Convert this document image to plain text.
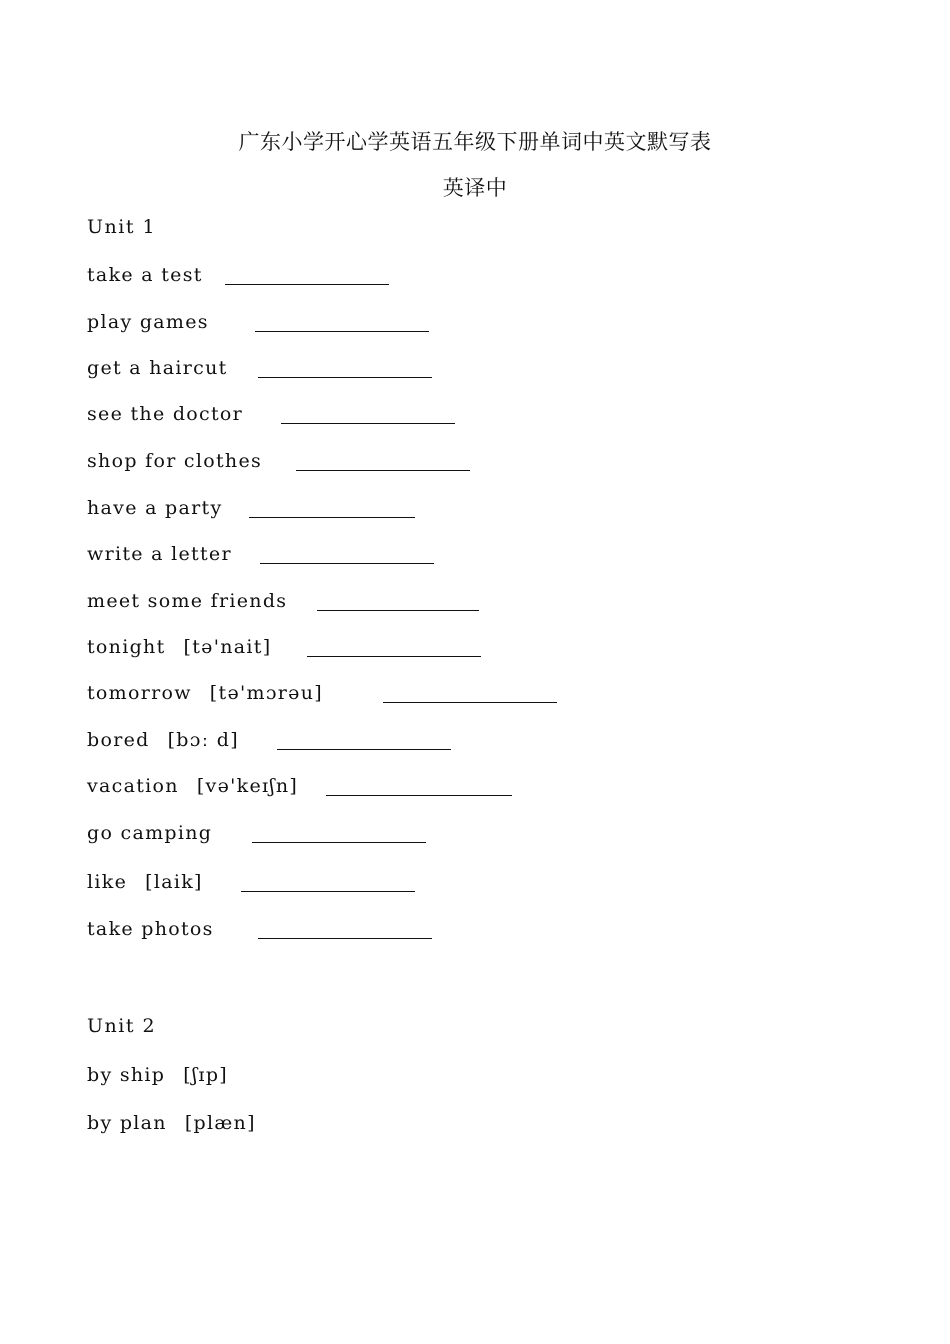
广东小学开心学英语五年级下册单词中英文默写表
英译中
Unit 1
take a test
play games
get a haircut
see the doctor
shop for clothes
have a party
write a letter
meet some friends
tonight [tə'nait]
tomorrow [tə'mɔrəu]
bored [bɔː d]
vacation [və'keɪʃn]
go camping
like [laik]
take photos
Unit 2
by ship [ʃɪp]
by plan [plæn]
